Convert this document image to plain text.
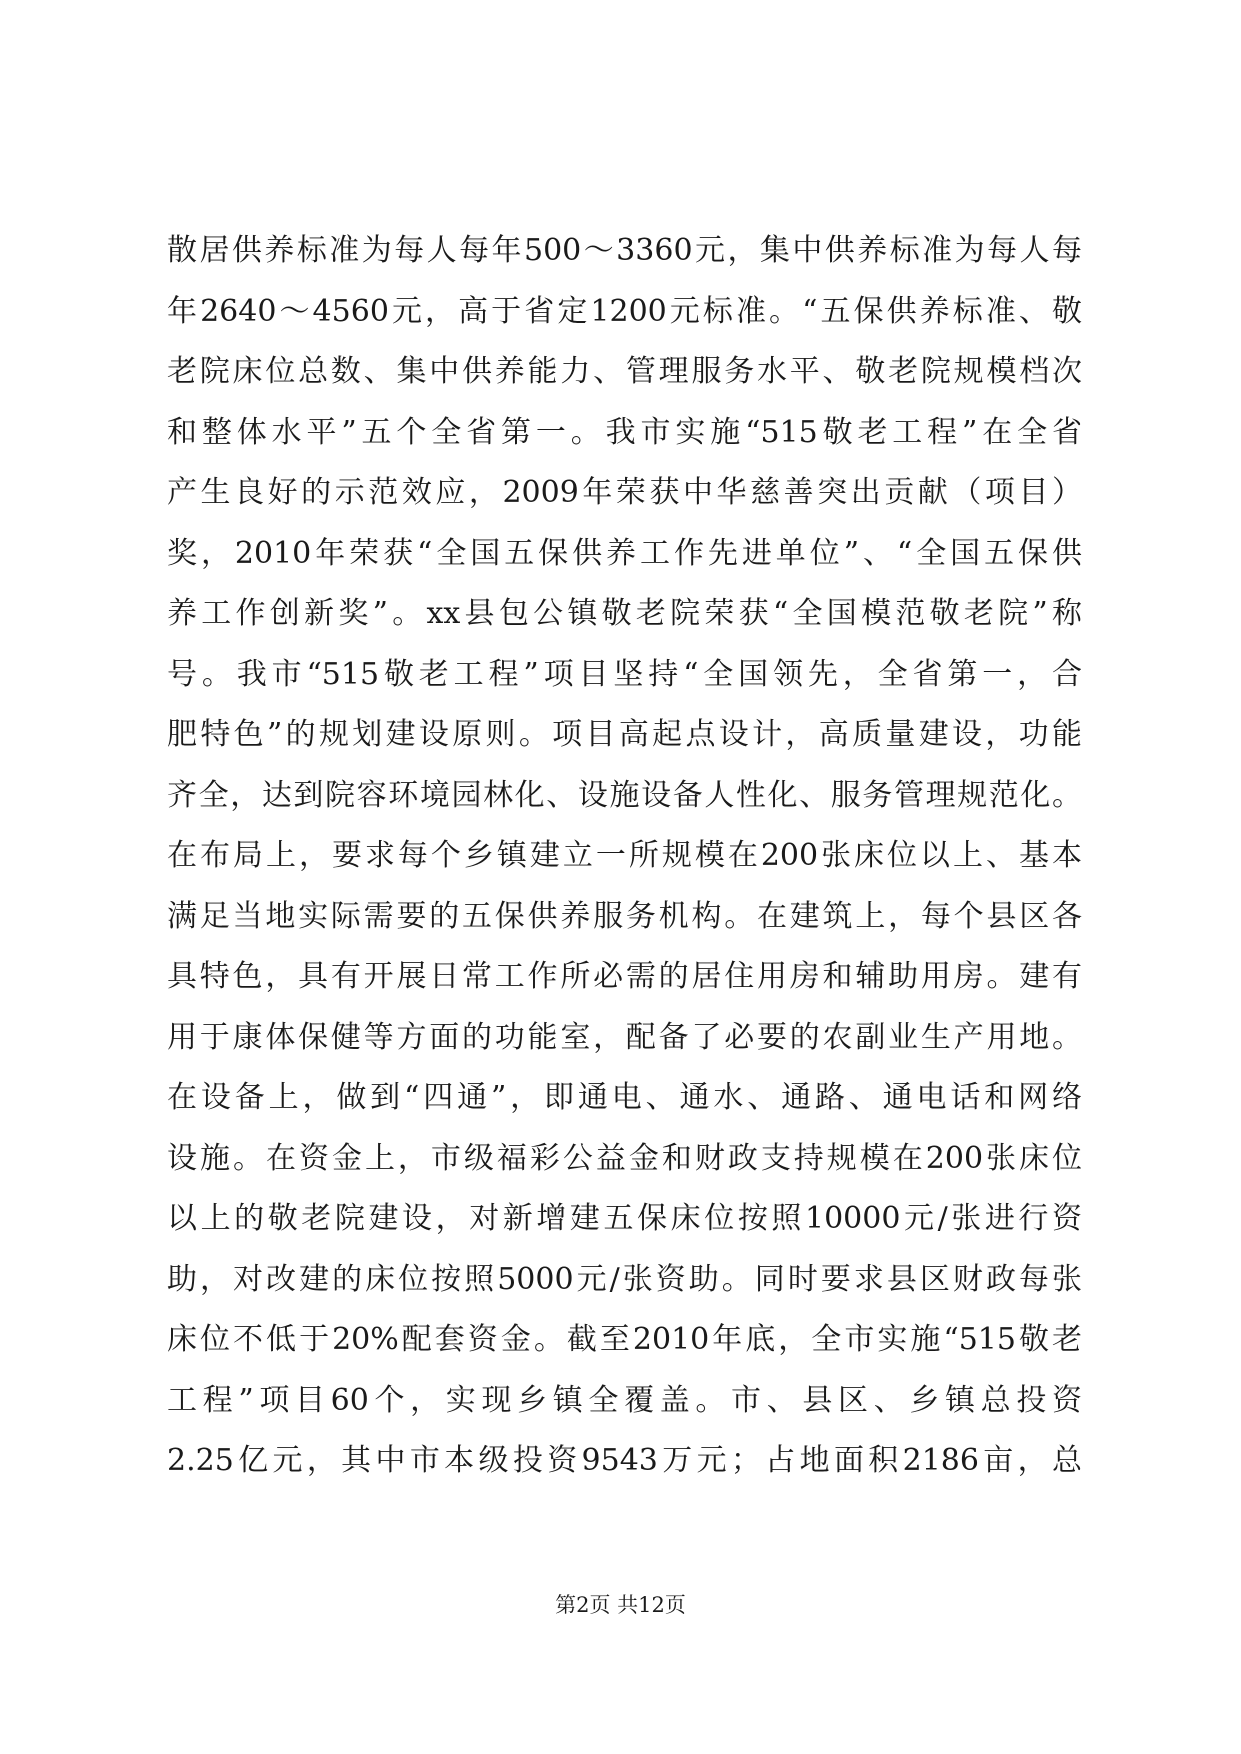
散居供养标准为每人每年500～3360元，集中供养标准为每人每
年2640～4560元，高于省定1200元标准。“五保供养标准、敬
老院床位总数、集中供养能力、管理服务水平、敬老院规模档次
和整体水平”五个全省第一。我市实施“515敬老工程”在全省
产生良好的示范效应，2009年荣获中华慈善突出贡献（项目）
奖，2010年荣获“全国五保供养工作先进单位”、“全国五保供
养工作创新奖”。xx县包公镇敬老院荣获“全国模范敬老院”称
号。我市“515敬老工程”项目坚持“全国领先，全省第一，合
肥特色”的规划建设原则。项目高起点设计，高质量建设，功能
齐全，达到院容环境园林化、设施设备人性化、服务管理规范化。
在布局上，要求每个乡镇建立一所规模在200张床位以上、基本
满足当地实际需要的五保供养服务机构。在建筑上，每个县区各
具特色，具有开展日常工作所必需的居住用房和辅助用房。建有
用于康体保健等方面的功能室，配备了必要的农副业生产用地。
在设备上，做到“四通”，即通电、通水、通路、通电话和网络
设施。在资金上，市级福彩公益金和财政支持规模在200张床位
以上的敬老院建设，对新增建五保床位按照10000元/张进行资
助，对改建的床位按照5000元/张资助。同时要求县区财政每张
床位不低于20%配套资金。截至2010年底，全市实施“515敬老
工程”项目60个，实现乡镇全覆盖。市、县区、乡镇总投资
2.25亿元，其中市本级投资9543万元；占地面积2186亩，总
第2页 共12页
